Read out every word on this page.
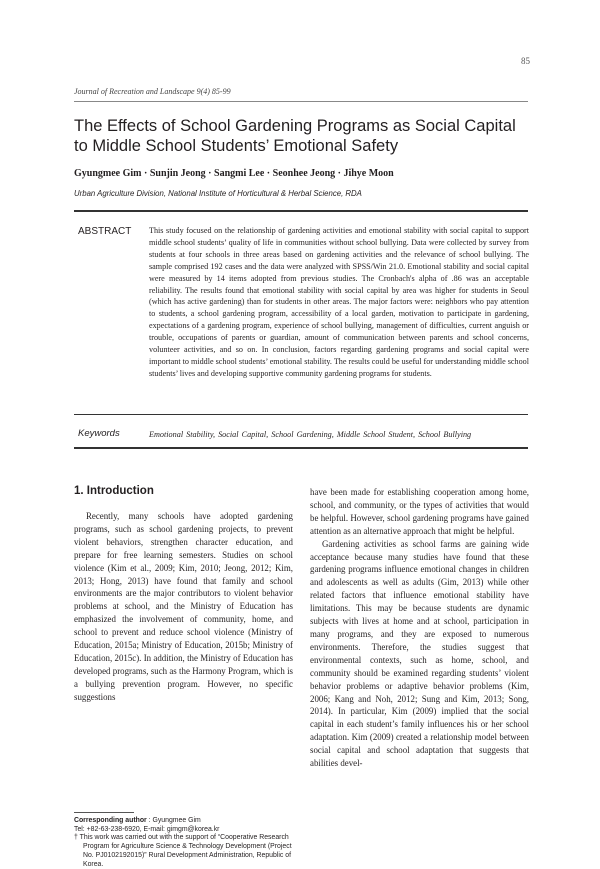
85
Journal of Recreation and Landscape 9(4) 85-99
The Effects of School Gardening Programs as Social Capital to Middle School Students’ Emotional Safety
Gyungmee Gim · Sunjin Jeong · Sangmi Lee · Seonhee Jeong · Jihye Moon
Urban Agriculture Division, National Institute of Horticultural & Herbal Science, RDA
ABSTRACT This study focused on the relationship of gardening activities and emotional stability with social capital to support middle school students’ quality of life in communities without school bullying. Data were collected by survey from students at four schools in three areas based on gardening activities and the relevance of school bullying. The sample comprised 192 cases and the data were analyzed with SPSS/Win 21.0. Emotional stability and social capital were measured by 14 items adopted from previous studies. The Cronbach's alpha of .86 was an acceptable reliability. The results found that emotional stability with social capital by area was higher for students in Seoul (which has active gardening) than for students in other areas. The major factors were: neighbors who pay attention to students, a school gardening program, accessibility of a local garden, motivation to participate in gardening, expectations of a gardening program, experience of school bullying, management of difficulties, current anguish or trouble, occupations of parents or guardian, amount of communication between parents and school concerns, volunteer activities, and so on. In conclusion, factors regarding gardening programs and social capital were important to middle school students’ emotional stability. The results could be useful for understanding middle school students’ lives and developing supportive community gardening programs for students.
Keywords	Emotional Stability, Social Capital, School Gardening, Middle School Student, School Bullying
1. Introduction

Recently, many schools have adopted gardening programs, such as school gardening projects, to prevent violent behaviors, strengthen character education, and prepare for free learning semesters. Studies on school violence (Kim et al., 2009; Kim, 2010; Jeong, 2012; Kim, 2013; Hong, 2013) have found that family and school environments are the major contributors to violent behavior problems at school, and the Ministry of Education has emphasized the involvement of community, home, and school to prevent and reduce school violence (Ministry of Education, 2015a; Ministry of Education, 2015b; Ministry of Education, 2015c). In addition, the Ministry of Education has developed programs, such as the Harmony Program, which is a bullying prevention program. However, no specific suggestions

have been made for establishing cooperation among home, school, and community, or the types of activities that would be helpful. However, school gardening programs have gained attention as an alternative approach that might be helpful.

Gardening activities as school farms are gaining wide acceptance because many studies have found that these gardening programs influence emotional changes in children and adolescents as well as adults (Gim, 2013) while other related factors that influence emotional stability have limitations. This may be because students are dynamic subjects with lives at home and at school, participation in many programs, and they are exposed to numerous environments. Therefore, the studies suggest that environmental contexts, such as home, school, and community should be examined regarding students’ violent behavior problems or adaptive behavior problems (Kim, 2006; Kang and Noh, 2012; Sung and Kim, 2013; Song, 2014). In particular, Kim (2009) implied that the social capital in each student’s family influences his or her school adaptation. Kim (2009) created a relationship model between social capital and school adaptation that suggests that abilities devel-

Corresponding author : Gyungmee Gim
Tel: +82-63-238-6920, E-mail: gimgm@korea.kr
† This work was carried out with the support of “Cooperative Research Program for Agriculture Science & Technology Development (Project No. PJ0102192015)” Rural Development Administration, Republic of Korea.
